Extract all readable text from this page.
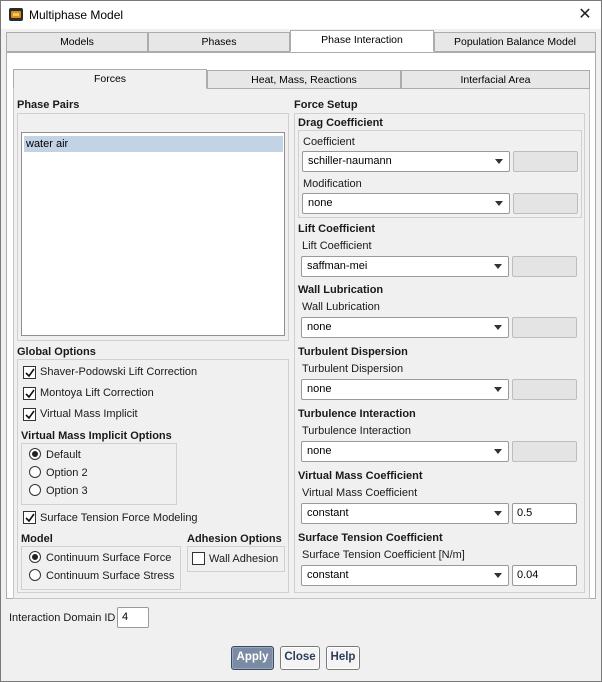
Multiphase Model	✕
Models	Phases	Phase Interaction	Population Balance Model
Forces	Heat, Mass, Reactions	Interfacial Area
Phase Pairs
water air
Global Options
Shaver-Podowski Lift Correction
Montoya Lift Correction
Virtual Mass Implicit
Virtual Mass Implicit Options
Default
Option 2
Option 3
Surface Tension Force Modeling
Model
Continuum Surface Force
Continuum Surface Stress
Adhesion Options
Wall Adhesion
Force Setup
Drag Coefficient
Coefficient
schiller-naumann
Modification
none
Lift Coefficient
Lift Coefficient
saffman-mei
Wall Lubrication
Wall Lubrication
none
Turbulent Dispersion
Turbulent Dispersion
none
Turbulence Interaction
Turbulence Interaction
none
Virtual Mass Coefficient
Virtual Mass Coefficient
constant	0.5
Surface Tension Coefficient
Surface Tension Coefficient [N/m]
constant	0.04
Interaction Domain ID 4
Apply	Close	Help
